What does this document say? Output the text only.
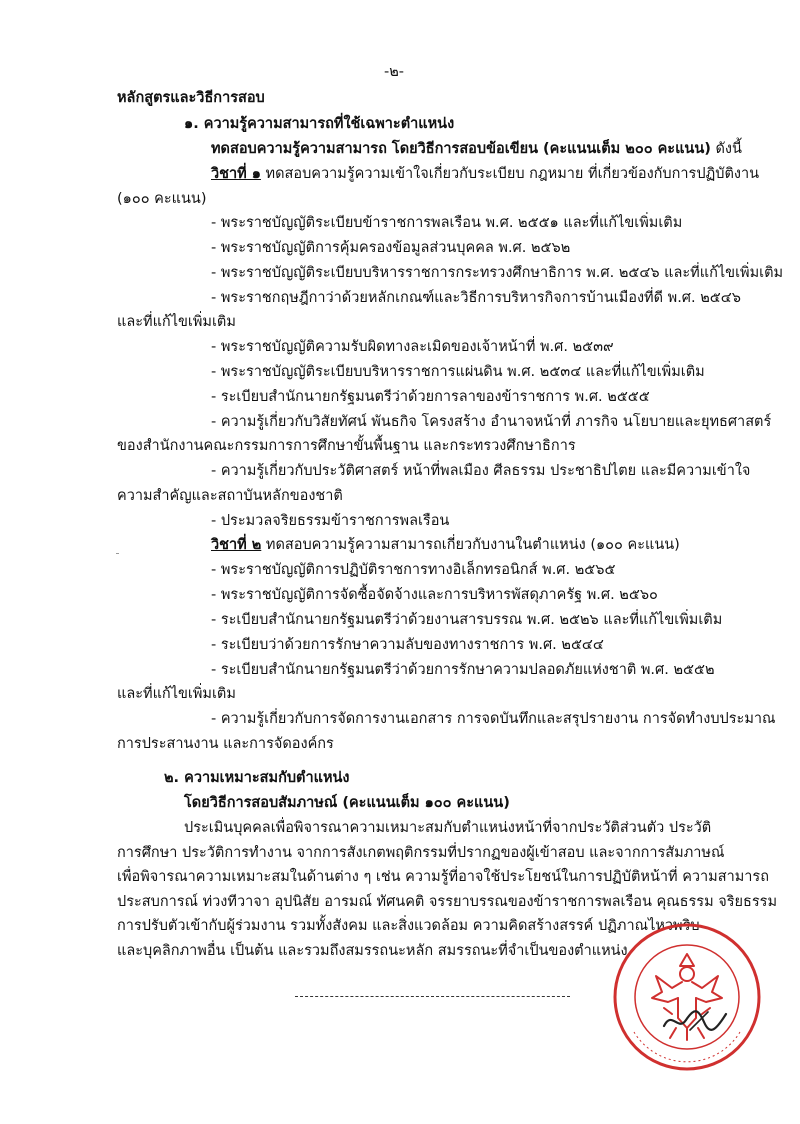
-๒-
หลักสูตรและวิธีการสอบ
๑. ความรู้ความสามารถที่ใช้เฉพาะตำแหน่ง
ทดสอบความรู้ความสามารถ โดยวิธีการสอบข้อเขียน (คะแนนเต็ม ๒๐๐ คะแนน) ดังนี้
วิชาที่ ๑ ทดสอบความรู้ความเข้าใจเกี่ยวกับระเบียบ กฎหมาย ที่เกี่ยวข้องกับการปฏิบัติงาน
(๑๐๐ คะแนน)
- พระราชบัญญัติระเบียบข้าราชการพลเรือน พ.ศ. ๒๕๕๑ และที่แก้ไขเพิ่มเติม
- พระราชบัญญัติการคุ้มครองข้อมูลส่วนบุคคล พ.ศ. ๒๕๖๒
- พระราชบัญญัติระเบียบบริหารราชการกระทรวงศึกษาธิการ พ.ศ. ๒๕๔๖ และที่แก้ไขเพิ่มเติม
- พระราชกฤษฎีกาว่าด้วยหลักเกณฑ์และวิธีการบริหารกิจการบ้านเมืองที่ดี พ.ศ. ๒๕๔๖
และที่แก้ไขเพิ่มเติม
- พระราชบัญญัติความรับผิดทางละเมิดของเจ้าหน้าที่ พ.ศ. ๒๕๓๙
- พระราชบัญญัติระเบียบบริหารราชการแผ่นดิน พ.ศ. ๒๕๓๔ และที่แก้ไขเพิ่มเติม
- ระเบียบสำนักนายกรัฐมนตรีว่าด้วยการลาของข้าราชการ พ.ศ. ๒๕๕๕
- ความรู้เกี่ยวกับวิสัยทัศน์ พันธกิจ โครงสร้าง อำนาจหน้าที่ ภารกิจ นโยบายและยุทธศาสตร์
ของสำนักงานคณะกรรมการการศึกษาขั้นพื้นฐาน และกระทรวงศึกษาธิการ
- ความรู้เกี่ยวกับประวัติศาสตร์ หน้าที่พลเมือง ศีลธรรม ประชาธิปไตย และมีความเข้าใจ
ความสำคัญและสถาบันหลักของชาติ
- ประมวลจริยธรรมข้าราชการพลเรือน
วิชาที่ ๒ ทดสอบความรู้ความสามารถเกี่ยวกับงานในตำแหน่ง (๑๐๐ คะแนน)
- พระราชบัญญัติการปฏิบัติราชการทางอิเล็กทรอนิกส์ พ.ศ. ๒๕๖๕
- พระราชบัญญัติการจัดซื้อจัดจ้างและการบริหารพัสดุภาครัฐ พ.ศ. ๒๕๖๐
- ระเบียบสำนักนายกรัฐมนตรีว่าด้วยงานสารบรรณ พ.ศ. ๒๕๒๖ และที่แก้ไขเพิ่มเติม
- ระเบียบว่าด้วยการรักษาความลับของทางราชการ พ.ศ. ๒๕๔๔
- ระเบียบสำนักนายกรัฐมนตรีว่าด้วยการรักษาความปลอดภัยแห่งชาติ พ.ศ. ๒๕๕๒
และที่แก้ไขเพิ่มเติม
- ความรู้เกี่ยวกับการจัดการงานเอกสาร การจดบันทึกและสรุปรายงาน การจัดทำงบประมาณ
การประสานงาน และการจัดองค์กร
๒. ความเหมาะสมกับตำแหน่ง
โดยวิธีการสอบสัมภาษณ์ (คะแนนเต็ม ๑๐๐ คะแนน)
ประเมินบุคคลเพื่อพิจารณาความเหมาะสมกับตำแหน่งหน้าที่จากประวัติส่วนตัว ประวัติ
การศึกษา ประวัติการทำงาน จากการสังเกตพฤติกรรมที่ปรากฏของผู้เข้าสอบ และจากการสัมภาษณ์
เพื่อพิจารณาความเหมาะสมในด้านต่าง ๆ เช่น ความรู้ที่อาจใช้ประโยชน์ในการปฏิบัติหน้าที่ ความสามารถ
ประสบการณ์ ท่วงทีวาจา อุปนิสัย อารมณ์ ทัศนคติ จรรยาบรรณของข้าราชการพลเรือน คุณธรรม จริยธรรม
การปรับตัวเข้ากับผู้ร่วมงาน รวมทั้งสังคม และสิ่งแวดล้อม ความคิดสร้างสรรค์ ปฏิภาณไหวพริบ
และบุคลิกภาพอื่น เป็นต้น และรวมถึงสมรรถนะหลัก สมรรถนะที่จำเป็นของตำแหน่ง
